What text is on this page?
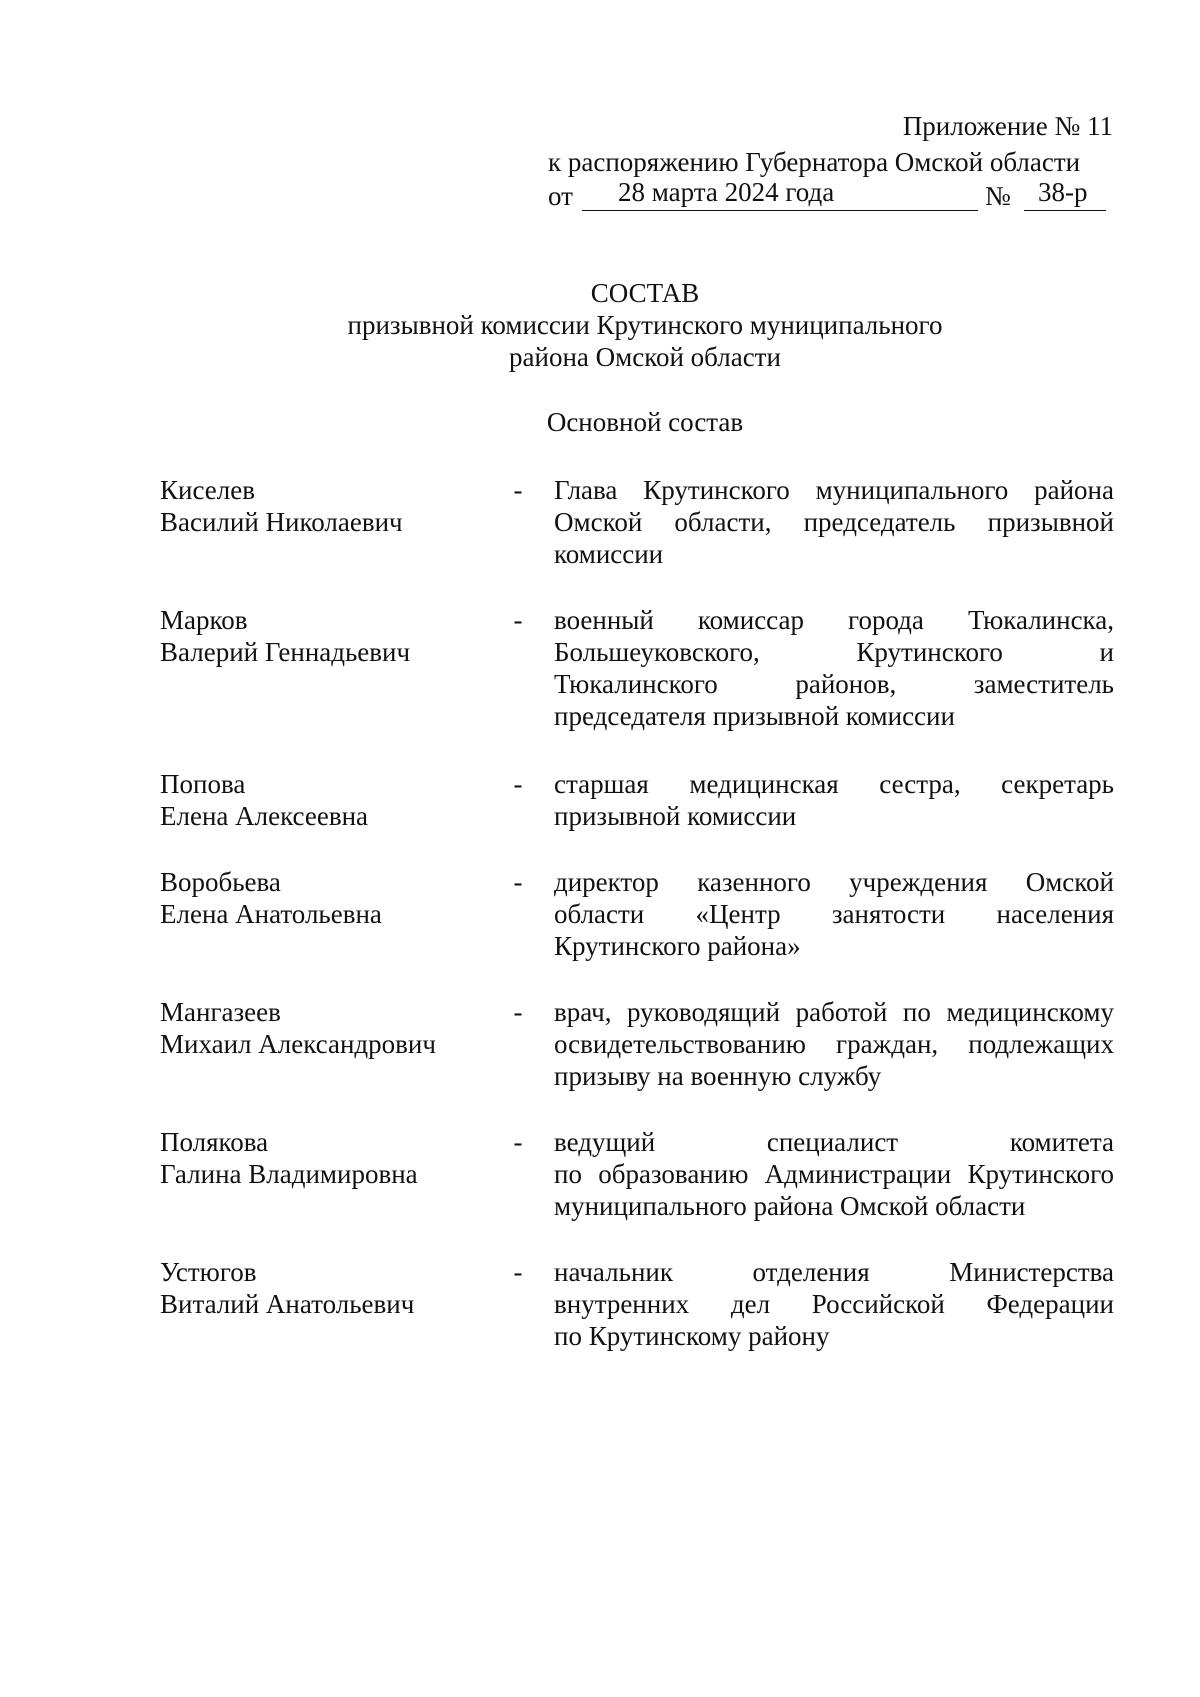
Приложение № 11
к распоряжению Губернатора Омской области
от 28 марта 2024 года	№ 38-р
СОСТАВ
призывной комиссии Крутинского муниципального
района Омской области
Основной состав
Киселев
Василий Николаевич
- Глава Крутинского муниципального района
Омской области, председатель призывной
комиссии
Марков
Валерий Геннадьевич
- военный комиссар города Тюкалинска,
Большеуковского, Крутинского и
Тюкалинского районов, заместитель
председателя призывной комиссии
Попова
Елена Алексеевна
- старшая медицинская сестра, секретарь
призывной комиссии
Воробьева
Елена Анатольевна
- директор казенного учреждения Омской
области «Центр занятости населения
Крутинского района»
Мангазеев
Михаил Александрович
- врач, руководящий работой по медицинскому
освидетельствованию граждан, подлежащих
призыву на военную службу
Полякова
Галина Владимировна
- ведущий специалист комитета
по образованию Администрации Крутинского
муниципального района Омской области
Устюгов
Виталий Анатольевич
- начальник отделения Министерства
внутренних дел Российской Федерации
по Крутинскому району
